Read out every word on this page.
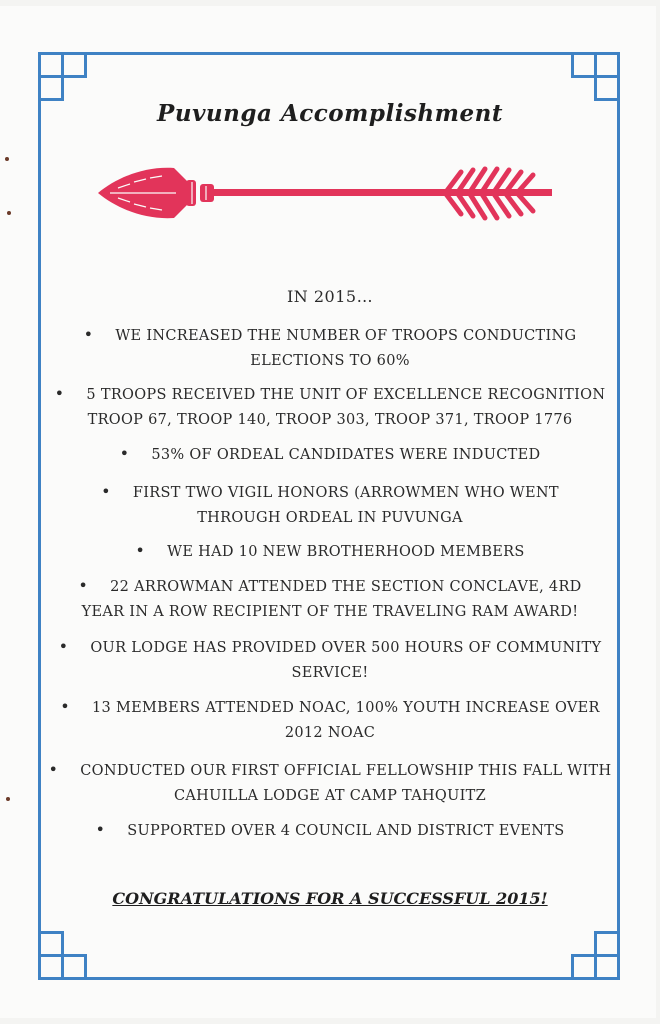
Puvunga Accomplishment
IN 2015…
• WE INCREASED THE NUMBER OF TROOPS CONDUCTING
ELECTIONS TO 60%
• 5 TROOPS RECEIVED THE UNIT OF EXCELLENCE RECOGNITION
TROOP 67, TROOP 140, TROOP 303, TROOP 371, TROOP 1776
• 53% OF ORDEAL CANDIDATES WERE INDUCTED
• FIRST TWO VIGIL HONORS (ARROWMEN WHO WENT
THROUGH ORDEAL IN PUVUNGA
• WE HAD 10 NEW BROTHERHOOD MEMBERS
• 22 ARROWMAN ATTENDED THE SECTION CONCLAVE, 4RD
YEAR IN A ROW RECIPIENT OF THE TRAVELING RAM AWARD!
• OUR LODGE HAS PROVIDED OVER 500 HOURS OF COMMUNITY
SERVICE!
• 13 MEMBERS ATTENDED NOAC, 100% YOUTH INCREASE OVER
2012 NOAC
• CONDUCTED OUR FIRST OFFICIAL FELLOWSHIP THIS FALL WITH
CAHUILLA LODGE AT CAMP TAHQUITZ
• SUPPORTED OVER 4 COUNCIL AND DISTRICT EVENTS
CONGRATULATIONS FOR A SUCCESSFUL 2015!
